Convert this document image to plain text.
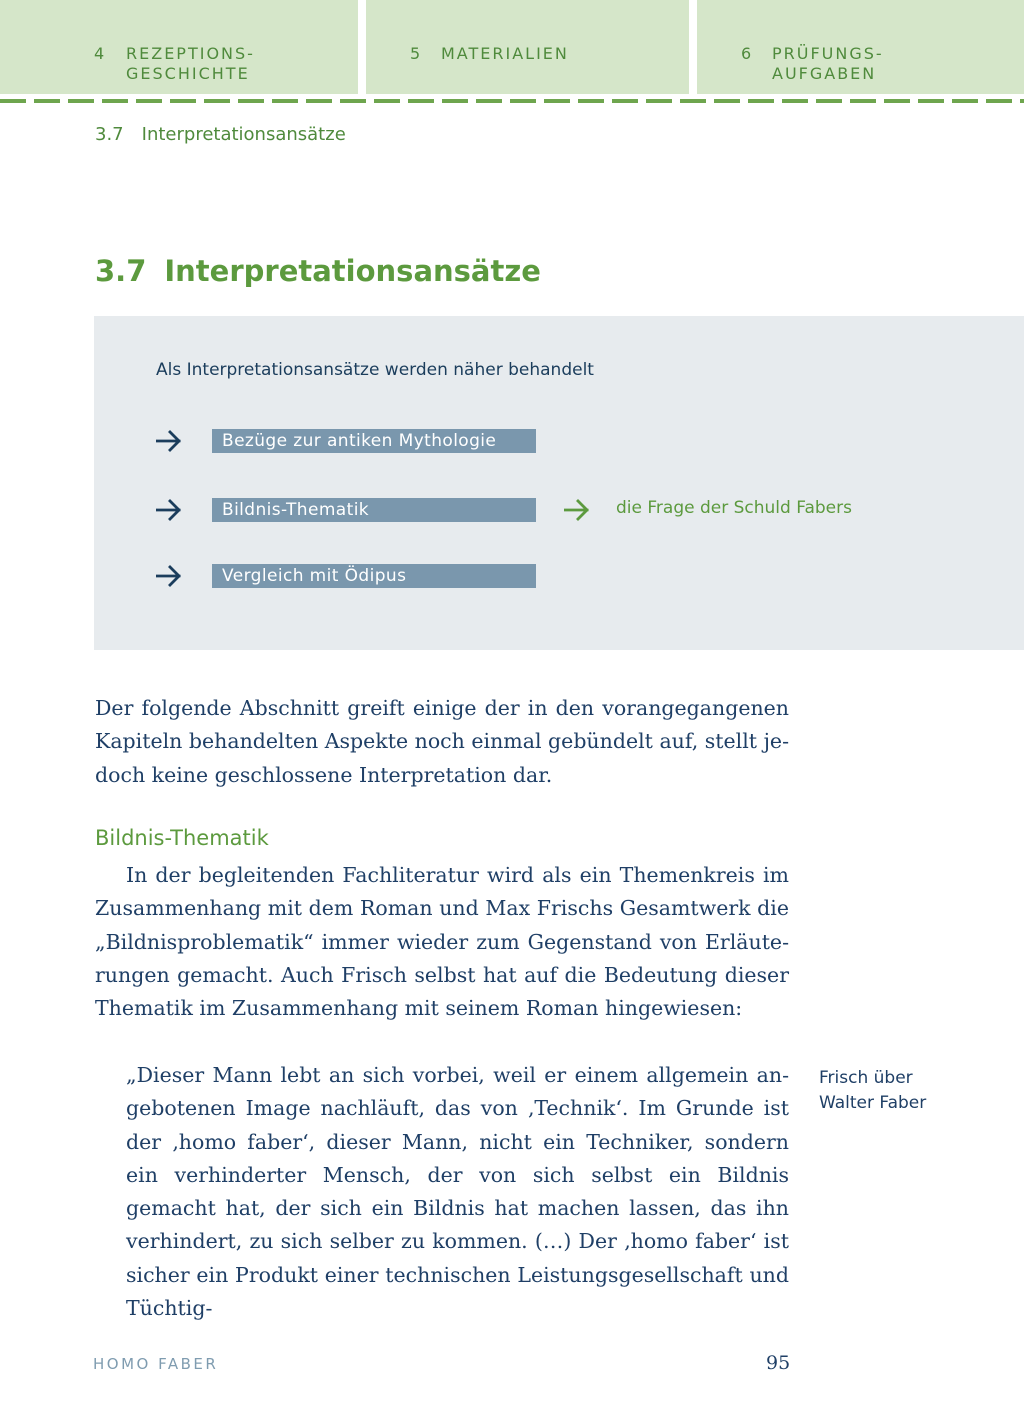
4 REZEPTIONS-
GESCHICHTE
5 MATERIALIEN	6 PRÜFUNGS-
AUFGABEN
3.7 Interpretationsansätze
3.7 Interpretationsansätze
Als Interpretationsansätze werden näher behandelt
Bezüge zur antiken Mythologie
Bildnis-Thematik	die Frage der Schuld Fabers
Vergleich mit Ödipus

Der folgende Abschnitt greift einige der in den vorangegangenen Kapiteln behandelten Aspekte noch einmal gebündelt auf, stellt jedoch keine geschlossene Interpretation dar.

Bildnis-Thematik

In der begleitenden Fachliteratur wird als ein Themenkreis im Zusammenhang mit dem Roman und Max Frischs Gesamtwerk die „Bildnisproblematik“ immer wieder zum Gegenstand von Erläuterungen gemacht. Auch Frisch selbst hat auf die Bedeutung dieser Thematik im Zusammenhang mit seinem Roman hingewiesen:

„Dieser Mann lebt an sich vorbei, weil er einem allgemein angebotenen Image nachläuft, das von ‚Technik‘. Im Grunde ist der ‚homo faber‘, dieser Mann, nicht ein Techniker, sondern ein verhinderter Mensch, der von sich selbst ein Bildnis gemacht hat, der sich ein Bildnis hat machen lassen, das ihn verhindert, zu sich selber zu kommen. (…) Der ‚homo faber‘ ist sicher ein Produkt einer technischen Leistungsgesellschaft und Tüchtig-

Frisch über
Walter Faber
HOMO FABER	95
